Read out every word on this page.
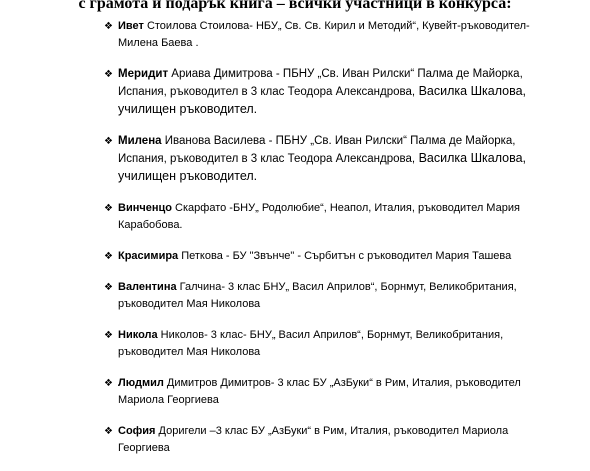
с грамота и подарък книга – всички участници в конкурса:
❖ Ивет Стоилова Стоилова- НБУ„ Св. Св. Кирил и Методий“, Кувейт-ръководител- Милена Баева .
❖ Меридит Ариава Димитрова - ПБНУ „Св. Иван Рилски“ Палма де Майорка, Испания, ръководител в 3 клас Теодора Александрова, Василка Шкалова, училищен ръководител.
❖ Милена Иванова Василева - ПБНУ „Св. Иван Рилски“ Палма де Майорка, Испания, ръководител в 3 клас Теодора Александрова, Василка Шкалова, училищен ръководител.
❖ Винченцо Скарфато -БНУ„ Родолюбие“, Неапол, Италия, ръководител Мария Карабобова.
❖ Красимира Петкова - БУ "Звънче" - Сърбитън с ръководител Мария Ташева
❖ Валентина Галчина- 3 клас БНУ„ Васил Априлов“, Борнмут, Великобритания, ръководител Мая Николова
❖ Никола Николов- 3 клас- БНУ„ Васил Априлов“, Борнмут, Великобритания, ръководител Мая Николова
❖ Людмил Димитров Димитров- 3 клас БУ „АзБуки“ в Рим, Италия, ръководител Мариола Георгиева
❖ София Доригели –3 клас БУ „АзБуки“ в Рим, Италия, ръководител Мариола Георгиева
